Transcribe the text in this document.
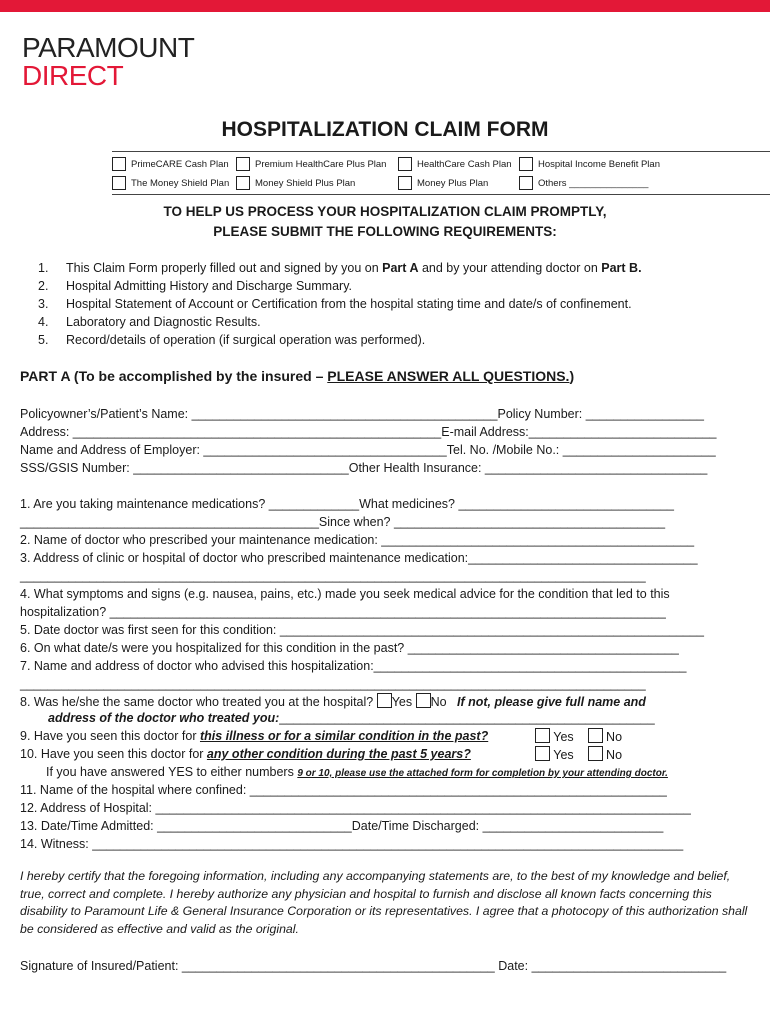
PARAMOUNT
DIRECT
HOSPITALIZATION CLAIM FORM
PrimeCARE Cash Plan	Premium HealthCare Plus Plan	HealthCare Cash Plan	Hospital Income Benefit Plan
The Money Shield Plan	Money Shield Plus Plan	Money Plus Plan	Others _______________
TO HELP US PROCESS YOUR HOSPITALIZATION CLAIM PROMPTLY,
PLEASE SUBMIT THE FOLLOWING REQUIREMENTS:
1. This Claim Form properly filled out and signed by you on Part A and by your attending doctor on Part B.
2. Hospital Admitting History and Discharge Summary.
3. Hospital Statement of Account or Certification from the hospital stating time and date/s of confinement.
4. Laboratory and Diagnostic Results.
5. Record/details of operation (if surgical operation was performed).
PART A (To be accomplished by the insured – PLEASE ANSWER ALL QUESTIONS.)
Policyowner’s/Patient’s Name: ____________________________________________Policy Number: _________________
Address: _____________________________________________________E-mail Address:___________________________
Name and Address of Employer: ___________________________________Tel. No. /Mobile No.: ______________________
SSS/GSIS Number: _______________________________Other Health Insurance: ________________________________
1. Are you taking maintenance medications? _____________What medicines? _______________________________
___________________________________________Since when? _______________________________________
2. Name of doctor who prescribed your maintenance medication: _____________________________________________
3. Address of clinic or hospital of doctor who prescribed maintenance medication:_________________________________
__________________________________________________________________________________________
4. What symptoms and signs (e.g. nausea, pains, etc.) made you seek medical advice for the condition that led to this
hospitalization? ________________________________________________________________________________
5. Date doctor was first seen for this condition: _____________________________________________________________
6. On what date/s were you hospitalized for this condition in the past? _______________________________________
7. Name and address of doctor who advised this hospitalization:_____________________________________________
__________________________________________________________________________________________
8. Was he/she the same doctor who treated you at the hospital? Yes No If not, please give full name and
address of the doctor who treated you:______________________________________________________
9. Have you seen this doctor for this illness or for a similar condition in the past?	Yes	No
10. Have you seen this doctor for any other condition during the past 5 years?	Yes	No
If you have answered YES to either numbers 9 or 10, please use the attached form for completion by your attending doctor.
11. Name of the hospital where confined: ____________________________________________________________
12. Address of Hospital: _____________________________________________________________________________
13. Date/Time Admitted: ____________________________Date/Time Discharged: __________________________
14. Witness: _____________________________________________________________________________________
I hereby certify that the foregoing information, including any accompanying statements are, to the best of my knowledge and belief, true, correct and complete. I hereby authorize any physician and hospital to furnish and disclose all known facts concerning this disability to Paramount Life & General Insurance Corporation or its representatives. I agree that a photocopy of this authorization shall be considered as effective and valid as the original.
Signature of Insured/Patient: _____________________________________________ Date: ____________________________
